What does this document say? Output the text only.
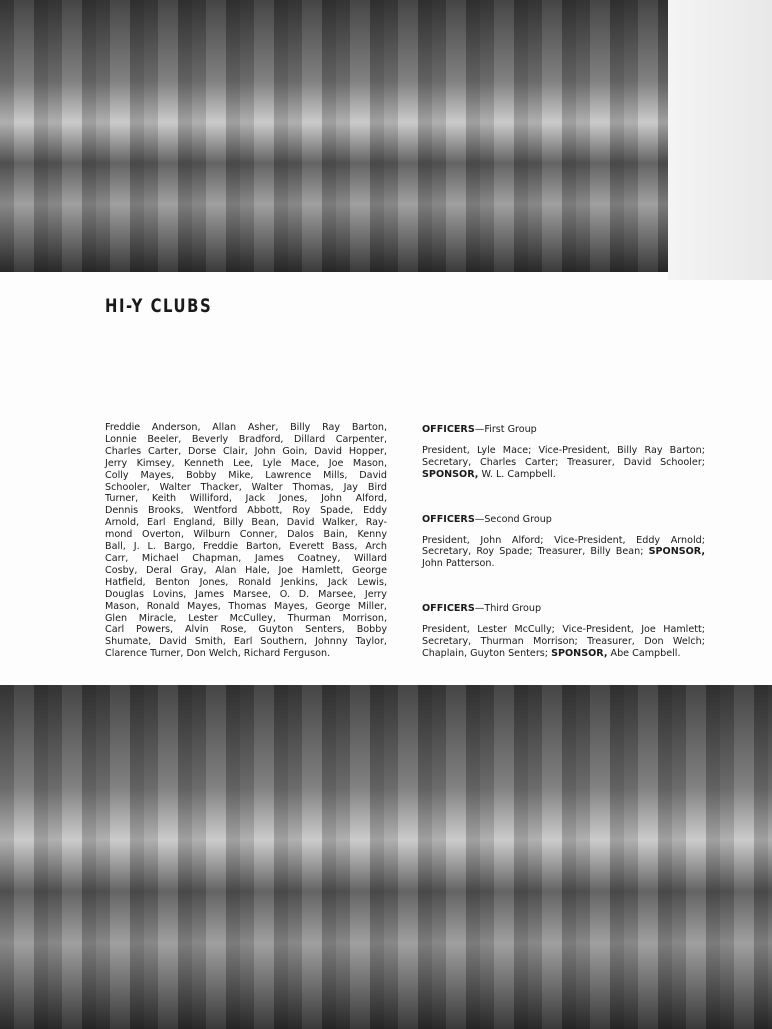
HI-Y CLUBS
Freddie Anderson, Allan Asher, Billy Ray Barton,
Lonnie Beeler, Beverly Bradford, Dillard Carpenter,
Charles Carter, Dorse Clair, John Goin, David Hopper,
Jerry Kimsey, Kenneth Lee, Lyle Mace, Joe Mason,
Colly Mayes, Bobby Mike, Lawrence Mills, David
Schooler, Walter Thacker, Walter Thomas, Jay Bird
Turner, Keith Williford, Jack Jones, John Alford,
Dennis Brooks, Wentford Abbott, Roy Spade, Eddy
Arnold, Earl England, Billy Bean, David Walker, Ray-
mond Overton, Wilburn Conner, Dalos Bain, Kenny
Ball, J. L. Bargo, Freddie Barton, Everett Bass, Arch
Carr, Michael Chapman, James Coatney, Willard
Cosby, Deral Gray, Alan Hale, Joe Hamlett, George
Hatfield, Benton Jones, Ronald Jenkins, Jack Lewis,
Douglas Lovins, James Marsee, O. D. Marsee, Jerry
Mason, Ronald Mayes, Thomas Mayes, George Miller,
Glen Miracle, Lester McCulley, Thurman Morrison,
Carl Powers, Alvin Rose, Guyton Senters, Bobby
Shumate, David Smith, Earl Southern, Johnny Taylor,
Clarence Turner, Don Welch, Richard Ferguson.
OFFICERS—First Group
President, Lyle Mace; Vice-President, Billy Ray Barton; Secretary, Charles Carter; Treasurer, David Schooler; SPONSOR, W. L. Campbell.
OFFICERS—Second Group
President, John Alford; Vice-President, Eddy Arnold; Secretary, Roy Spade; Treasurer, Billy Bean; SPONSOR, John Patterson.
OFFICERS—Third Group
President, Lester McCully; Vice-President, Joe Hamlett; Secretary, Thurman Morrison; Treasurer, Don Welch; Chaplain, Guyton Senters; SPONSOR, Abe Campbell.
